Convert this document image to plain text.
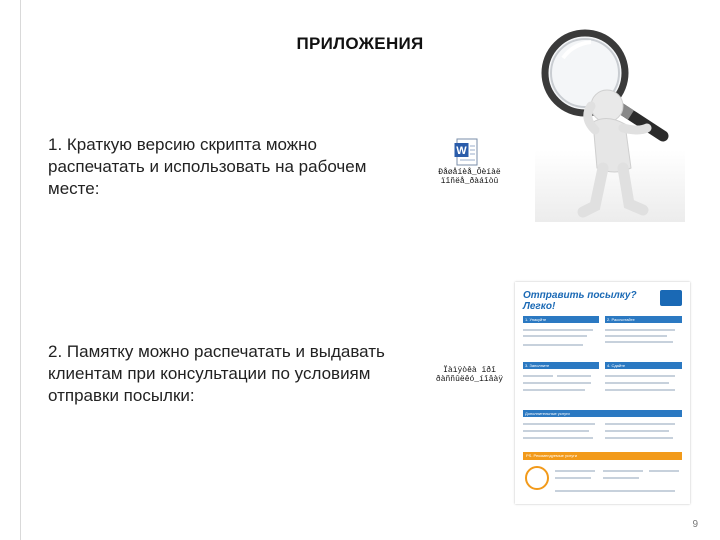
ПРИЛОЖЕНИЯ
1. Краткую версию скрипта можно распечатать и использовать на рабочем месте:
2. Памятку можно распечатать и выдавать клиентам при консультации по условиям отправки посылки:
W
Ðåøåíèå_Ôèíàë ïîñëå_ðàáîòû
Ïàìÿòêà ïðî ðàññûëêó_íîâàÿ
Отправить посылку? Легко!
1. Упакуйте	2. Рассчитайте
3. Заполните	4. Сдайте
Дополнительные услуги
PS. Рекомендуемые услуги
9
